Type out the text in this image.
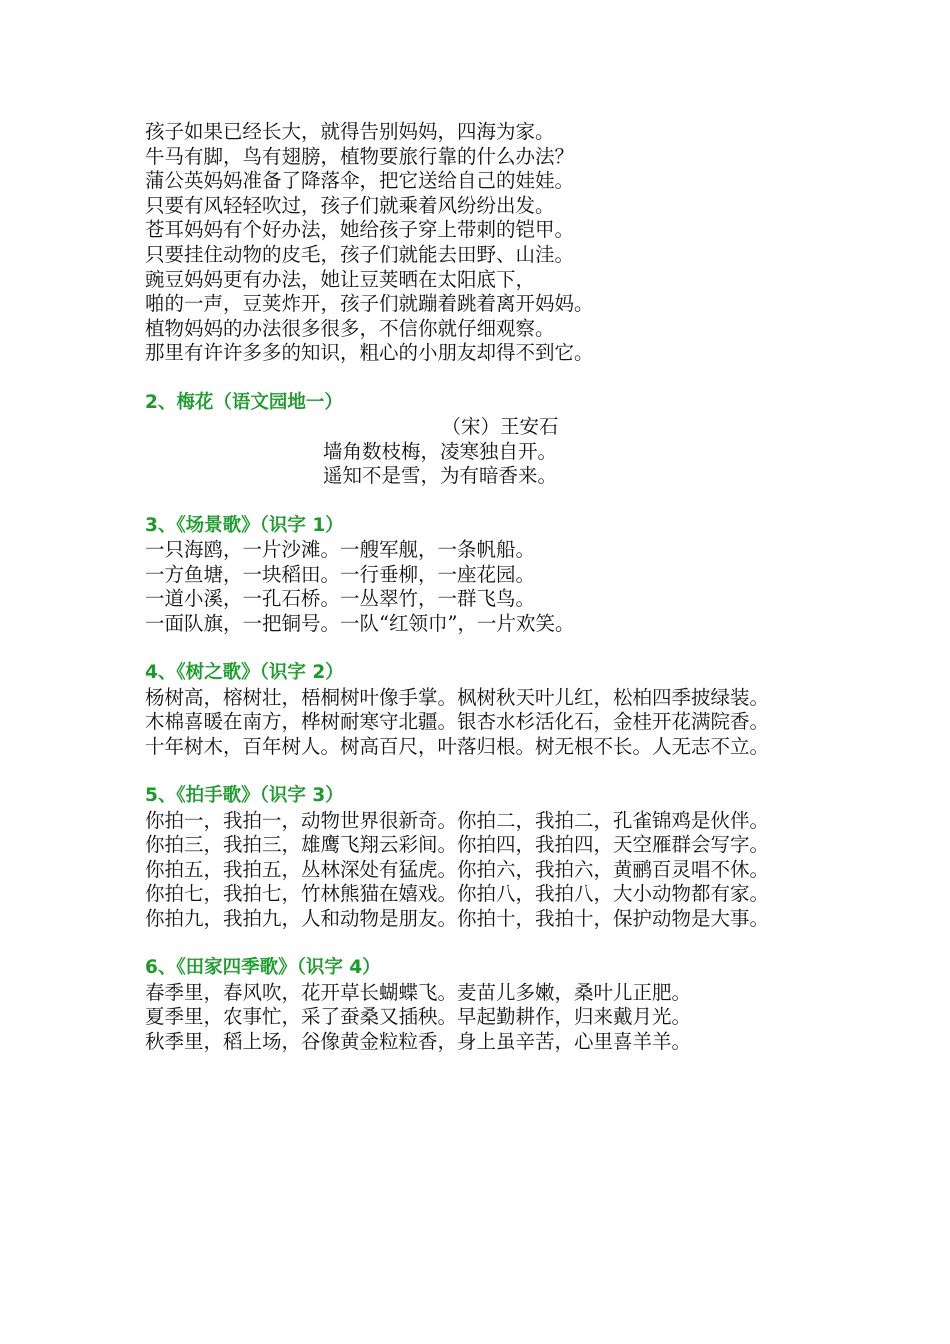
孩子如果已经长大，就得告别妈妈，四海为家。
牛马有脚，鸟有翅膀，植物要旅行靠的什么办法？
蒲公英妈妈准备了降落伞，把它送给自己的娃娃。
只要有风轻轻吹过，孩子们就乘着风纷纷出发。
苍耳妈妈有个好办法，她给孩子穿上带刺的铠甲。
只要挂住动物的皮毛，孩子们就能去田野、山洼。
豌豆妈妈更有办法，她让豆荚晒在太阳底下，
啪的一声，豆荚炸开，孩子们就蹦着跳着离开妈妈。
植物妈妈的办法很多很多，不信你就仔细观察。
那里有许许多多的知识，粗心的小朋友却得不到它。
2、梅花（语文园地一）
（宋）王安石
墙角数枝梅，凌寒独自开。
遥知不是雪，为有暗香来。
3、《场景歌》（识字 1）
一只海鸥，一片沙滩。一艘军舰，一条帆船。
一方鱼塘，一块稻田。一行垂柳，一座花园。
一道小溪，一孔石桥。一丛翠竹，一群飞鸟。
一面队旗，一把铜号。一队“红领巾”，一片欢笑。
4、《树之歌》（识字 2）
杨树高，榕树壮，梧桐树叶像手掌。枫树秋天叶儿红，松柏四季披绿装。
木棉喜暖在南方，桦树耐寒守北疆。银杏水杉活化石，金桂开花满院香。
十年树木，百年树人。树高百尺，叶落归根。树无根不长。人无志不立。
5、《拍手歌》（识字 3）
你拍一，我拍一，动物世界很新奇。你拍二，我拍二，孔雀锦鸡是伙伴。
你拍三，我拍三，雄鹰飞翔云彩间。你拍四，我拍四，天空雁群会写字。
你拍五，我拍五，丛林深处有猛虎。你拍六，我拍六，黄鹂百灵唱不休。
你拍七，我拍七，竹林熊猫在嬉戏。你拍八，我拍八，大小动物都有家。
你拍九，我拍九，人和动物是朋友。你拍十，我拍十，保护动物是大事。
6、《田家四季歌》（识字 4）
春季里，春风吹，花开草长蝴蝶飞。麦苗儿多嫩，桑叶儿正肥。
夏季里，农事忙，采了蚕桑又插秧。早起勤耕作，归来戴月光。
秋季里，稻上场，谷像黄金粒粒香，身上虽辛苦，心里喜羊羊。
